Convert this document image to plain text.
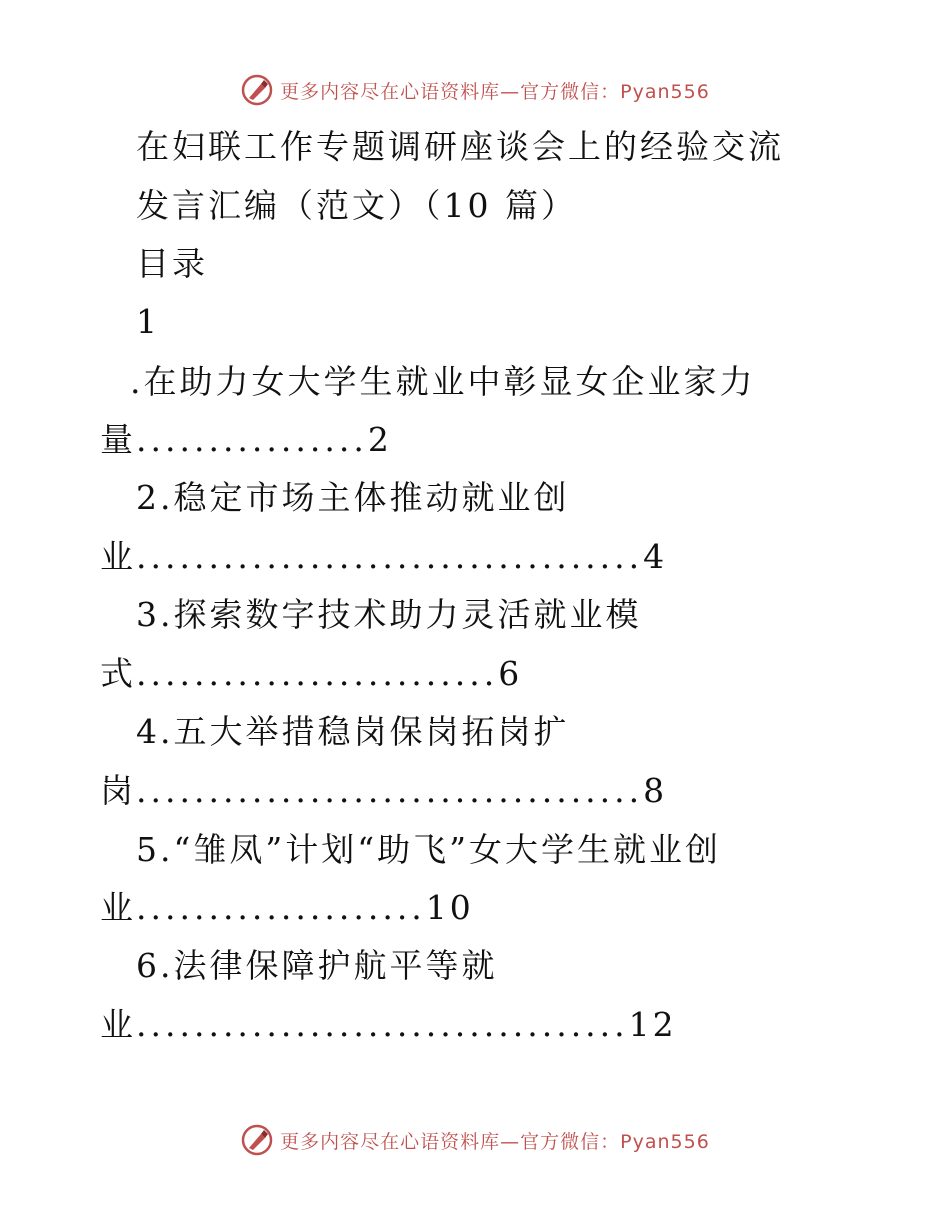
更多内容尽在心语资料库—官方微信：Pyan556
在妇联工作专题调研座谈会上的经验交流
发言汇编（范文）（10 篇）
目录
1
.在助力女大学生就业中彰显女企业家力
量................2
2.稳定市场主体推动就业创
业...................................4
3.探索数字技术助力灵活就业模
式.........................6
4.五大举措稳岗保岗拓岗扩
岗...................................8
5.“雏凤”计划“助飞”女大学生就业创
业....................10
6.法律保障护航平等就
业..................................12
更多内容尽在心语资料库—官方微信：Pyan556
